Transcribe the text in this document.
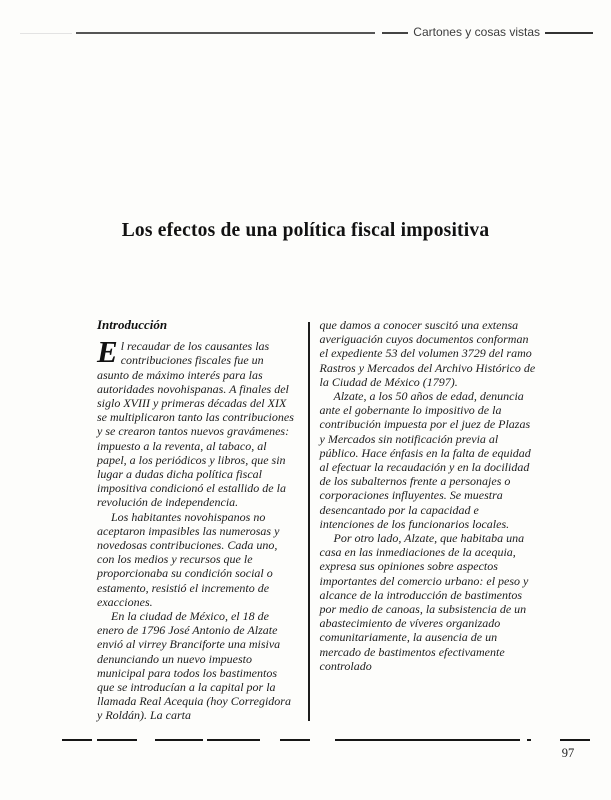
Cartones y cosas vistas
Los efectos de una política fiscal impositiva
Introducción

El recaudar de los causantes las contribuciones fiscales fue un asunto de máximo interés para las autoridades novohispanas. A finales del siglo XVIII y primeras décadas del XIX se multiplicaron tanto las contribuciones y se crearon tantos nuevos gravámenes: impuesto a la reventa, al tabaco, al papel, a los periódicos y libros, que sin lugar a dudas dicha política fiscal impositiva condicionó el estallido de la revolución de independencia.

Los habitantes novohispanos no aceptaron impasibles las numerosas y novedosas contribuciones. Cada uno, con los medios y recursos que le proporcionaba su condición social o estamento, resistió el incremento de exacciones.

En la ciudad de México, el 18 de enero de 1796 José Antonio de Alzate envió al virrey Branciforte una misiva denunciando un nuevo impuesto municipal para todos los bastimentos que se introducían a la capital por la llamada Real Acequia (hoy Corregidora y Roldán). La carta

que damos a conocer suscitó una extensa averiguación cuyos documentos conforman el expediente 53 del volumen 3729 del ramo Rastros y Mercados del Archivo Histórico de la Ciudad de México (1797).

Alzate, a los 50 años de edad, denuncia ante el gobernante lo impositivo de la contribución impuesta por el juez de Plazas y Mercados sin notificación previa al público. Hace énfasis en la falta de equidad al efectuar la recaudación y en la docilidad de los subalternos frente a personajes o corporaciones influyentes. Se muestra desencantado por la capacidad e intenciones de los funcionarios locales.

Por otro lado, Alzate, que habitaba una casa en las inmediaciones de la acequia, expresa sus opiniones sobre aspectos importantes del comercio urbano: el peso y alcance de la introducción de bastimentos por medio de canoas, la subsistencia de un abastecimiento de víveres organizado comunitariamente, la ausencia de un mercado de bastimentos efectivamente controlado

97
